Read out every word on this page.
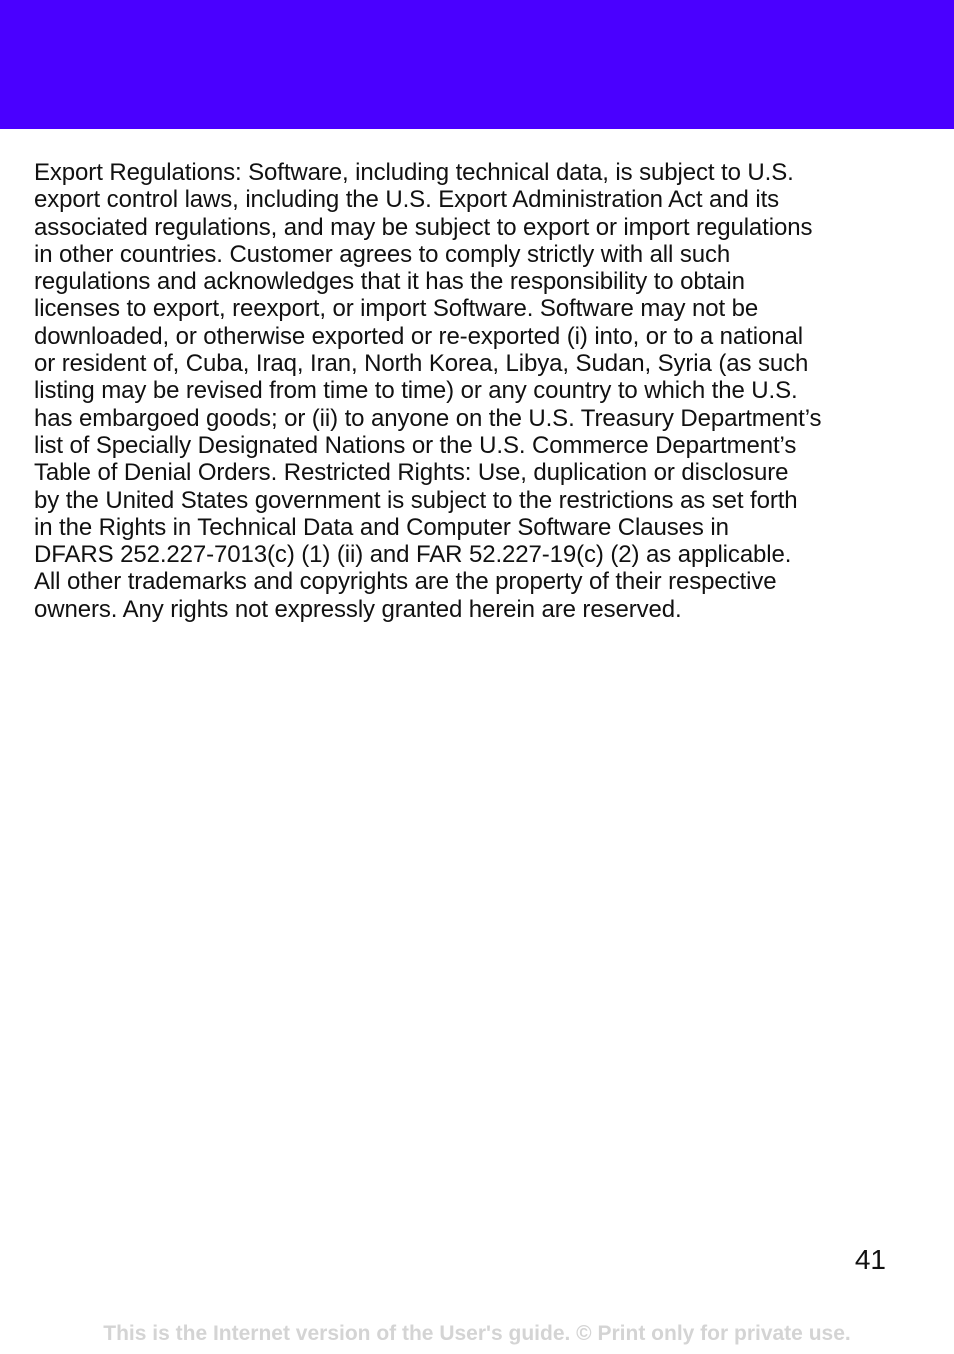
Export Regulations: Software, including technical data, is subject to U.S.
export control laws, including the U.S. Export Administration Act and its
associated regulations, and may be subject to export or import regulations
in other countries. Customer agrees to comply strictly with all such
regulations and acknowledges that it has the responsibility to obtain
licenses to export, reexport, or import Software. Software may not be
downloaded, or otherwise exported or re-exported (i) into, or to a national
or resident of, Cuba, Iraq, Iran, North Korea, Libya, Sudan, Syria (as such
listing may be revised from time to time) or any country to which the U.S.
has embargoed goods; or (ii) to anyone on the U.S. Treasury Department’s
list of Specially Designated Nations or the U.S. Commerce Department’s
Table of Denial Orders. Restricted Rights: Use, duplication or disclosure
by the United States government is subject to the restrictions as set forth
in the Rights in Technical Data and Computer Software Clauses in
DFARS 252.227-7013(c) (1) (ii) and FAR 52.227-19(c) (2) as applicable.
All other trademarks and copyrights are the property of their respective
owners. Any rights not expressly granted herein are reserved.

41
This is the Internet version of the User's guide. © Print only for private use.
